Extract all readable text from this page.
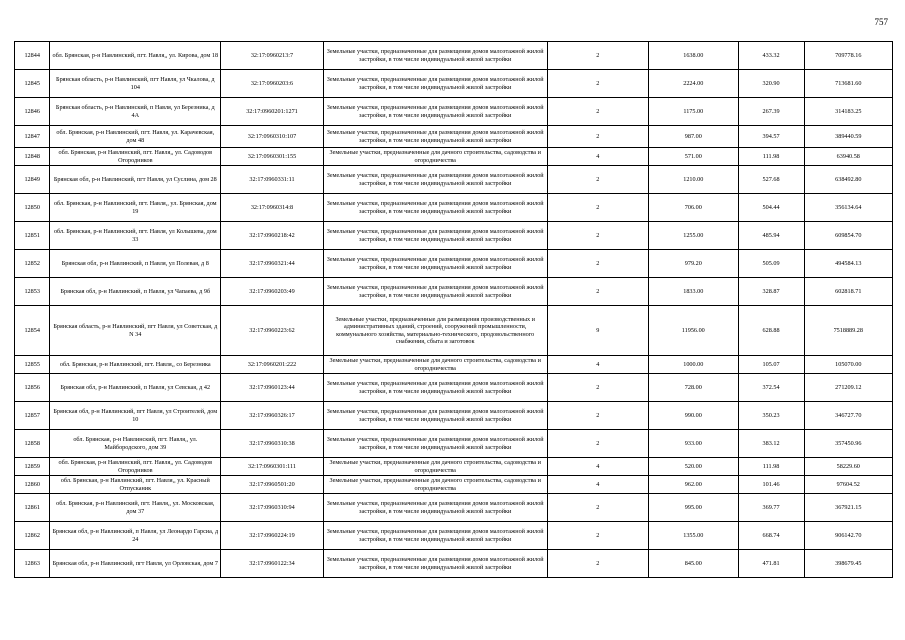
757
12844	обл. Брянская, р-н Навлинский, пгт. Навля,, ул. Кирова, дом 18	32:17:0960213:7	Земельные участки, предназначенные для размещения домов малоэтажной жилой застройки, в том числе индивидуальной жилой застройки	2	1638.00	433.32	709778.16
12845	Брянская область, р-н Навлинский, пгт Навля, ул Чкалова, д 104	32:17:0960203:6	Земельные участки, предназначенные для размещения домов малоэтажной жилой застройки, в том числе индивидуальной жилой застройки	2	2224.00	320.90	713681.60
12846	Брянская область, р-н Навлинский, п Навля, ул Березника, д 4А	32:17:0960201:1271	Земельные участки, предназначенные для размещения домов малоэтажной жилой застройки, в том числе индивидуальной жилой застройки	2	1175.00	267.39	314183.25
12847	обл. Брянская, р-н Навлинский, пгт. Навля, ул. Карачевская, дом 48	32:17:0960310:107	Земельные участки, предназначенные для размещения домов малоэтажной жилой застройки, в том числе индивидуальной жилой застройки	2	987.00	394.57	389440.59
12848	обл. Брянская, р-н Навлинский, пгт. Навля,, ул. Садоводов Огородников	32:17:0960301:155	Земельные участки, предназначенные для дачного строительства, садоводства и огородничества	4	571.00	111.98	63940.58
12849	Брянская обл, р-н Навлинский, пгт Навля, ул Суслина, дом 28	32:17:0960331:11	Земельные участки, предназначенные для размещения домов малоэтажной жилой застройки, в том числе индивидуальной жилой застройки	2	1210.00	527.68	638492.80
12850	обл. Брянская, р-н Навлинский, пгт. Навля,, ул. Брянская, дом 19	32:17:0960314:8	Земельные участки, предназначенные для размещения домов малоэтажной жилой застройки, в том числе индивидуальной жилой застройки	2	706.00	504.44	356134.64
12851	обл. Брянская, р-н Навлинский, пгт. Навля, ул Колышева, дом 33	32:17:0960218:42	Земельные участки, предназначенные для размещения домов малоэтажной жилой застройки, в том числе индивидуальной жилой застройки	2	1255.00	485.94	609854.70
12852	Брянская обл, р-н Навлинский, п Навля, ул Полевая, д 8	32:17:0960321:44	Земельные участки, предназначенные для размещения домов малоэтажной жилой застройки, в том числе индивидуальной жилой застройки	2	979.20	505.09	494584.13
12853	Брянская обл, р-н Навлинский, п Навля, ул Чапаева, д 9б	32:17:0960203:49	Земельные участки, предназначенные для размещения домов малоэтажной жилой застройки, в том числе индивидуальной жилой застройки	2	1833.00	328.87	602818.71
12854	Брянская область, р-н Навлинский, пгт Навля, ул Советская, д N 34	32:17:0960223:62	Земельные участки, предназначенные для размещения производственных и административных зданий, строений, сооружений промышленности, коммунального хозяйства, материально-технического, продовольственного снабжения, сбыта и заготовок	9	11956.00	628.88	7518889.28
12855	обл. Брянская, р-н Навлинский, пгт. Навля,, со Березника	32:17:0960201:222	Земельные участки, предназначенные для дачного строительства, садоводства и огородничества	4	1000.00	105.07	105070.00
12856	Брянская обл, р-н Навлинский, п Навля, ул Севская, д 42	32:17:0960123:44	Земельные участки, предназначенные для размещения домов малоэтажной жилой застройки, в том числе индивидуальной жилой застройки	2	728.00	372.54	271209.12
12857	Брянская обл, р-н Навлинский, пгт Навля, ул Строителей, дом 10	32:17:0960326:17	Земельные участки, предназначенные для размещения домов малоэтажной жилой застройки, в том числе индивидуальной жилой застройки	2	990.00	350.23	346727.70
12858	обл. Брянская, р-н Навлинский, пгт. Навля,, ул. Майбородского, дом 39	32:17:0960310:38	Земельные участки, предназначенные для размещения домов малоэтажной жилой застройки, в том числе индивидуальной жилой застройки	2	933.00	383.12	357450.96
12859	обл. Брянская, р-н Навлинский, пгт. Навля,, ул. Садоводов Огородников	32:17:0960301:111	Земельные участки, предназначенные для дачного строительства, садоводства и огородничества	4	520.00	111.98	58229.60
12860	обл. Брянская, р-н Навлинский, пгт. Навля,, ул. Красный Отпусканик	32:17:0960501:20	Земельные участки, предназначенные для дачного строительства, садоводства и огородничества	4	962.00	101.46	97604.52
12861	обл. Брянская, р-н Навлинский, пгт. Навля,, ул. Московская, дом 37	32:17:0960310:94	Земельные участки, предназначенные для размещения домов малоэтажной жилой застройки, в том числе индивидуальной жилой застройки	2	995.00	369.77	367921.15
12862	Брянская обл, р-н Навлинский, п Навля, ул Леонардо Гарсиа, д 24	32:17:0960224:19	Земельные участки, предназначенные для размещения домов малоэтажной жилой застройки, в том числе индивидуальной жилой застройки	2	1355.00	668.74	906142.70
12863	Брянская обл, р-н Навлинский, пгт Навля, ул Орловская, дом 7	32:17:0960122:34	Земельные участки, предназначенные для размещения домов малоэтажной жилой застройки, в том числе индивидуальной жилой застройки	2	845.00	471.81	398679.45
